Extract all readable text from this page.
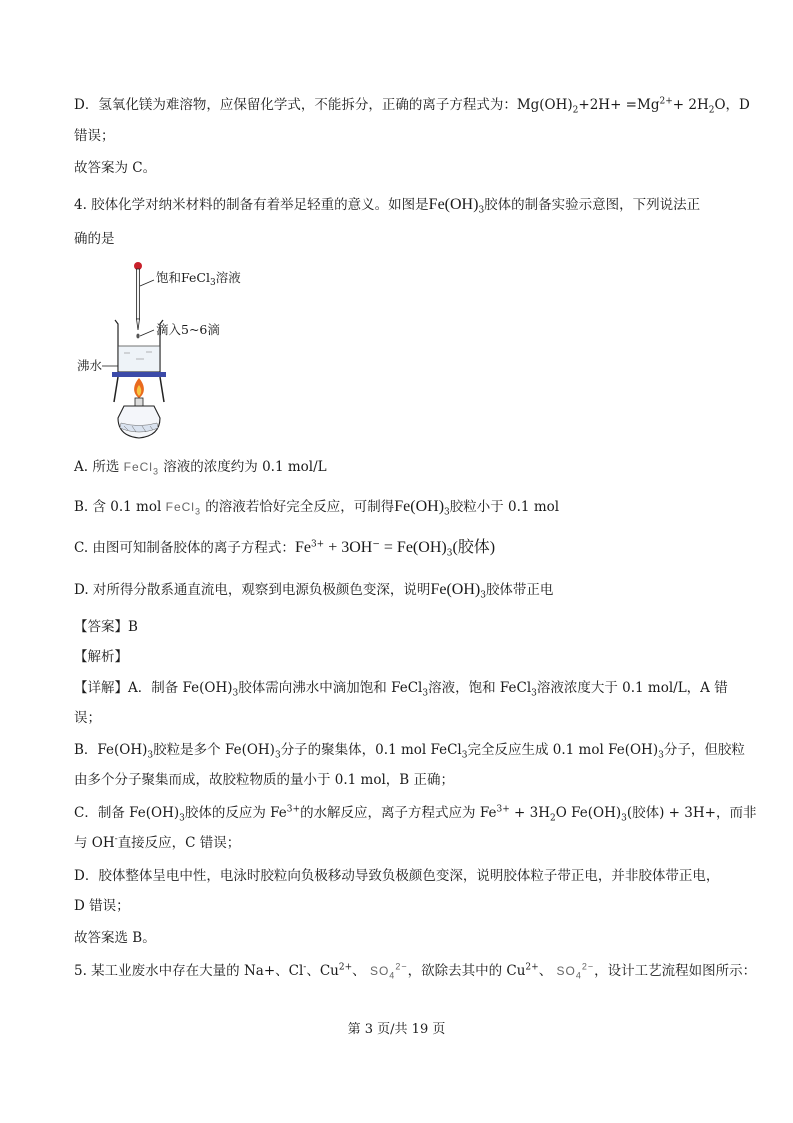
D．氢氧化镁为难溶物，应保留化学式，不能拆分，正确的离子方程式为：$Mg(OH)_2+2H+ =Mg^{2+}+ 2H_2O$，D
错误；
故答案为 C。
4. 胶体化学对纳米材料的制备有着举足轻重的意义。如图是$Fe(OH)_3$胶体的制备实验示意图，下列说法正
确的是
饱和FeCl$_3$溶液
滴入5~6滴
沸水
A. 所选 FeCl$_3$ 溶液的浓度约为 0.1 mol/L
B. 含 0.1 mol FeCl$_3$ 的溶液若恰好完全反应，可制得$Fe(OH)_3$胶粒小于 0.1 mol
C. 由图可知制备胶体的离子方程式：$Fe^{3+} + 3OH^- = Fe(OH)_3$(胶体)
D. 对所得分散系通直流电，观察到电源负极颜色变深，说明$Fe(OH)_3$胶体带正电
【答案】B
【解析】
【详解】A．制备 $Fe(OH)_3$胶体需向沸水中滴加饱和 FeCl$_3$溶液，饱和 FeCl$_3$溶液浓度大于 0.1 mol/L，A 错
误；
B．$Fe(OH)_3$胶粒是多个 $Fe(OH)_3$分子的聚集体，0.1 mol FeCl$_3$完全反应生成 0.1 mol $Fe(OH)_3$分子，但胶粒
由多个分子聚集而成，故胶粒物质的量小于 0.1 mol，B 正确；
C．制备 $Fe(OH)_3$胶体的反应为 $Fe^{3+}$的水解反应，离子方程式应为 $Fe^{3+} + 3H_2O$ $Fe(OH)_3$(胶体) + 3H+，而非
与 OH-直接反应，C 错误；
D．胶体整体呈电中性，电泳时胶粒向负极移动导致负极颜色变深，说明胶体粒子带正电，并非胶体带正电，
D 错误；
故答案选 B。
5. 某工业废水中存在大量的 Na+、Cl-、$Cu^{2+}$、 $SO_4^{2-}$，欲除去其中的 $Cu^{2+}$、 $SO_4^{2-}$，设计工艺流程如图所示：
第 3 页/共 19 页
